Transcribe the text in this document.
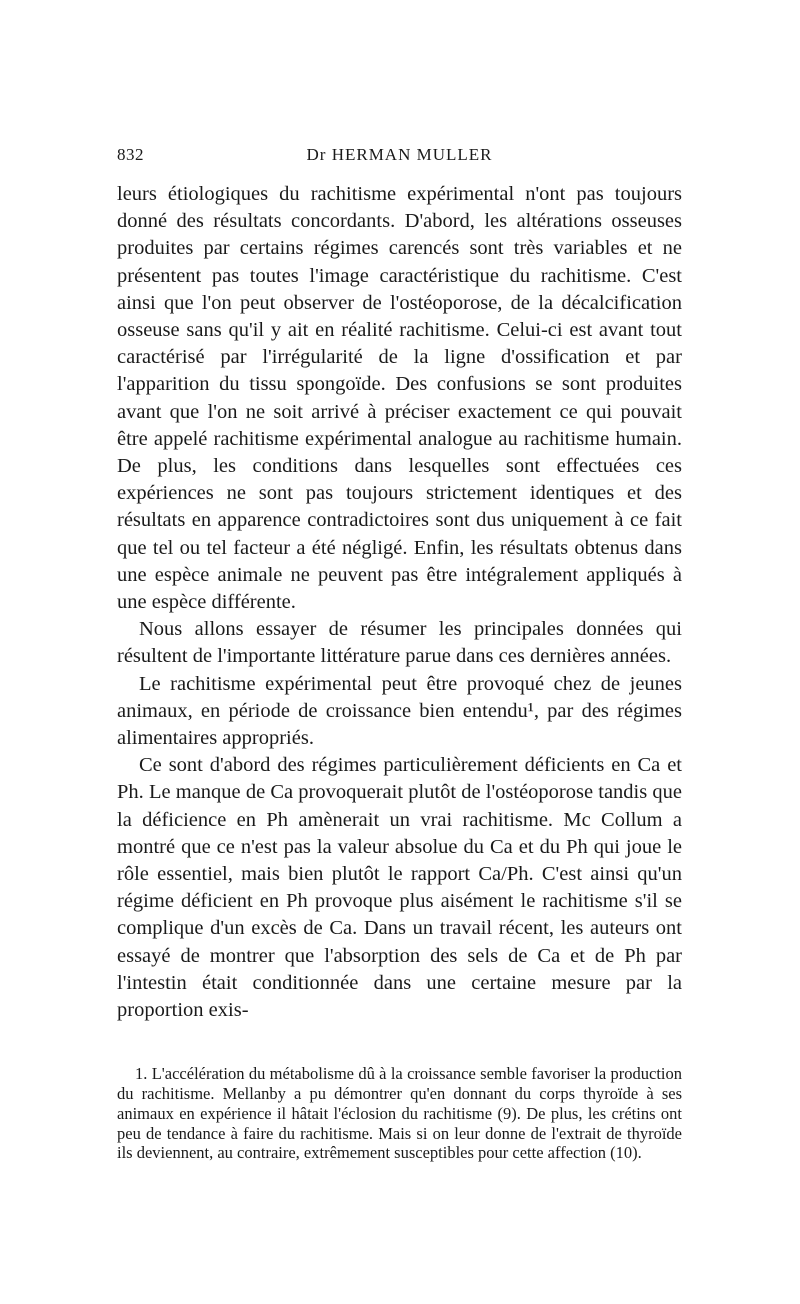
832	Dr HERMAN MULLER

leurs étiologiques du rachitisme expérimental n'ont pas toujours donné des résultats concordants. D'abord, les altérations osseuses produites par certains régimes carencés sont très variables et ne présentent pas toutes l'image caractéristique du rachitisme. C'est ainsi que l'on peut observer de l'ostéoporose, de la décalcification osseuse sans qu'il y ait en réalité rachitisme. Celui-ci est avant tout caractérisé par l'irrégularité de la ligne d'ossification et par l'apparition du tissu spongoïde. Des confusions se sont produites avant que l'on ne soit arrivé à préciser exactement ce qui pouvait être appelé rachitisme expérimental analogue au rachitisme humain. De plus, les conditions dans lesquelles sont effectuées ces expériences ne sont pas toujours strictement identiques et des résultats en apparence contradictoires sont dus uniquement à ce fait que tel ou tel facteur a été négligé. Enfin, les résultats obtenus dans une espèce animale ne peuvent pas être intégralement appliqués à une espèce différente.

Nous allons essayer de résumer les principales données qui résultent de l'importante littérature parue dans ces dernières années.

Le rachitisme expérimental peut être provoqué chez de jeunes animaux, en période de croissance bien entendu¹, par des régimes alimentaires appropriés.

Ce sont d'abord des régimes particulièrement déficients en Ca et Ph. Le manque de Ca provoquerait plutôt de l'ostéoporose tandis que la déficience en Ph amènerait un vrai rachitisme. Mc Collum a montré que ce n'est pas la valeur absolue du Ca et du Ph qui joue le rôle essentiel, mais bien plutôt le rapport Ca/Ph. C'est ainsi qu'un régime déficient en Ph provoque plus aisément le rachitisme s'il se complique d'un excès de Ca. Dans un travail récent, les auteurs ont essayé de montrer que l'absorption des sels de Ca et de Ph par l'intestin était conditionnée dans une certaine mesure par la proportion exis-

1. L'accélération du métabolisme dû à la croissance semble favoriser la production du rachitisme. Mellanby a pu démontrer qu'en donnant du corps thyroïde à ses animaux en expérience il hâtait l'éclosion du rachitisme (9). De plus, les crétins ont peu de tendance à faire du rachitisme. Mais si on leur donne de l'extrait de thyroïde ils deviennent, au contraire, extrêmement susceptibles pour cette affection (10).
